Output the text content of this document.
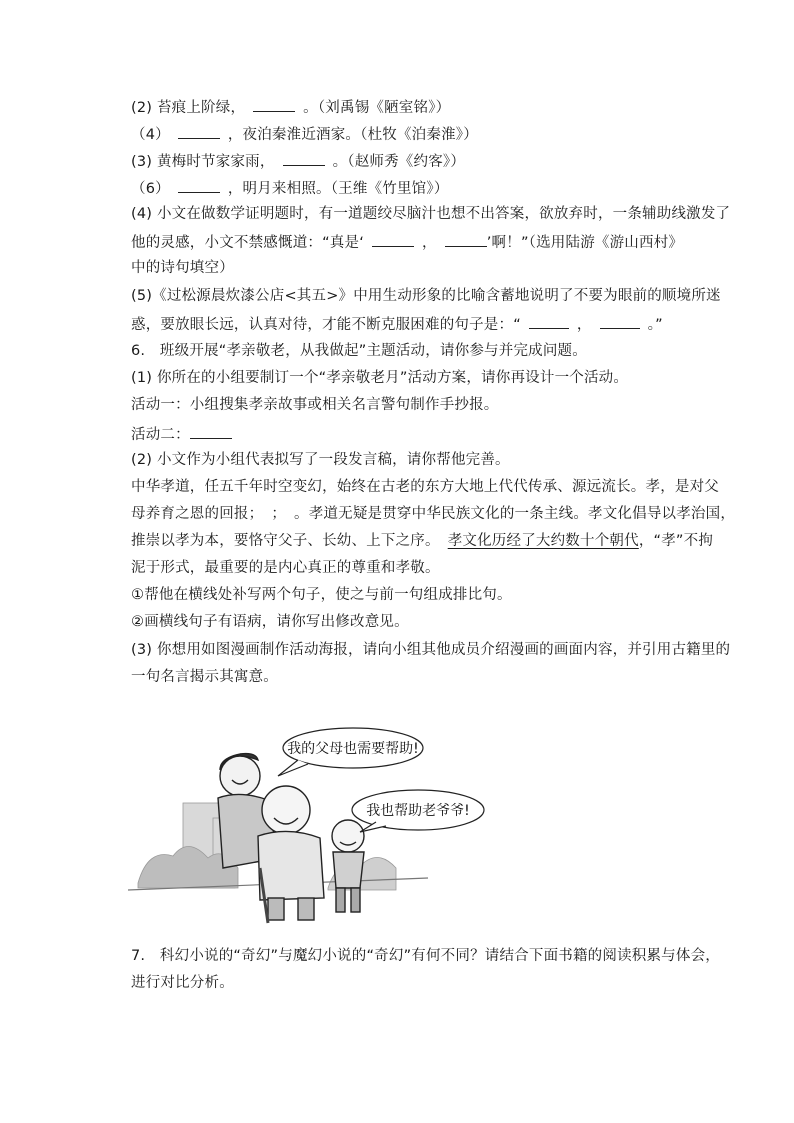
(2) 苔痕上阶绿，	。（刘禹锡《陋室铭》）
（4）	，夜泊秦淮近酒家。（杜牧《泊秦淮》）
(3) 黄梅时节家家雨，	。（赵师秀《约客》）
（6）	，明月来相照。（王维《竹里馆》）
(4) 小文在做数学证明题时，有一道题绞尽脑汁也想不出答案，欲放弃时，一条辅助线激发了
他的灵感，小文不禁感慨道：“真是‘	，	’啊！”（选用陆游《游山西村》
中的诗句填空）
(5)《过松源晨炊漆公店<其五>》中用生动形象的比喻含蓄地说明了不要为眼前的顺境所迷
惑，要放眼长远，认真对待，才能不断克服困难的句子是：“	，	。”
6.　班级开展“孝亲敬老，从我做起”主题活动，请你参与并完成问题。
(1) 你所在的小组要制订一个“孝亲敬老月”活动方案，请你再设计一个活动。
活动一：小组搜集孝亲故事或相关名言警句制作手抄报。
活动二：
(2) 小文作为小组代表拟写了一段发言稿，请你帮他完善。
中华孝道，任五千年时空变幻，始终在古老的东方大地上代代传承、源远流长。孝，是对父
母养育之恩的回报； ； 。孝道无疑是贯穿中华民族文化的一条主线。孝文化倡导以孝治国，
推崇以孝为本，要恪守父子、长幼、上下之序。 孝文化历经了大约数十个朝代，“孝”不拘
泥于形式，最重要的是内心真正的尊重和孝敬。
①帮他在横线处补写两个句子，使之与前一句组成排比句。
②画横线句子有语病，请你写出修改意见。
(3) 你想用如图漫画制作活动海报，请向小组其他成员介绍漫画的画面内容，并引用古籍里的
一句名言揭示其寓意。
我的父母也需要帮助!
我也帮助老爷爷!
7.　科幻小说的“奇幻”与魔幻小说的“奇幻”有何不同？请结合下面书籍的阅读积累与体会，
进行对比分析。
